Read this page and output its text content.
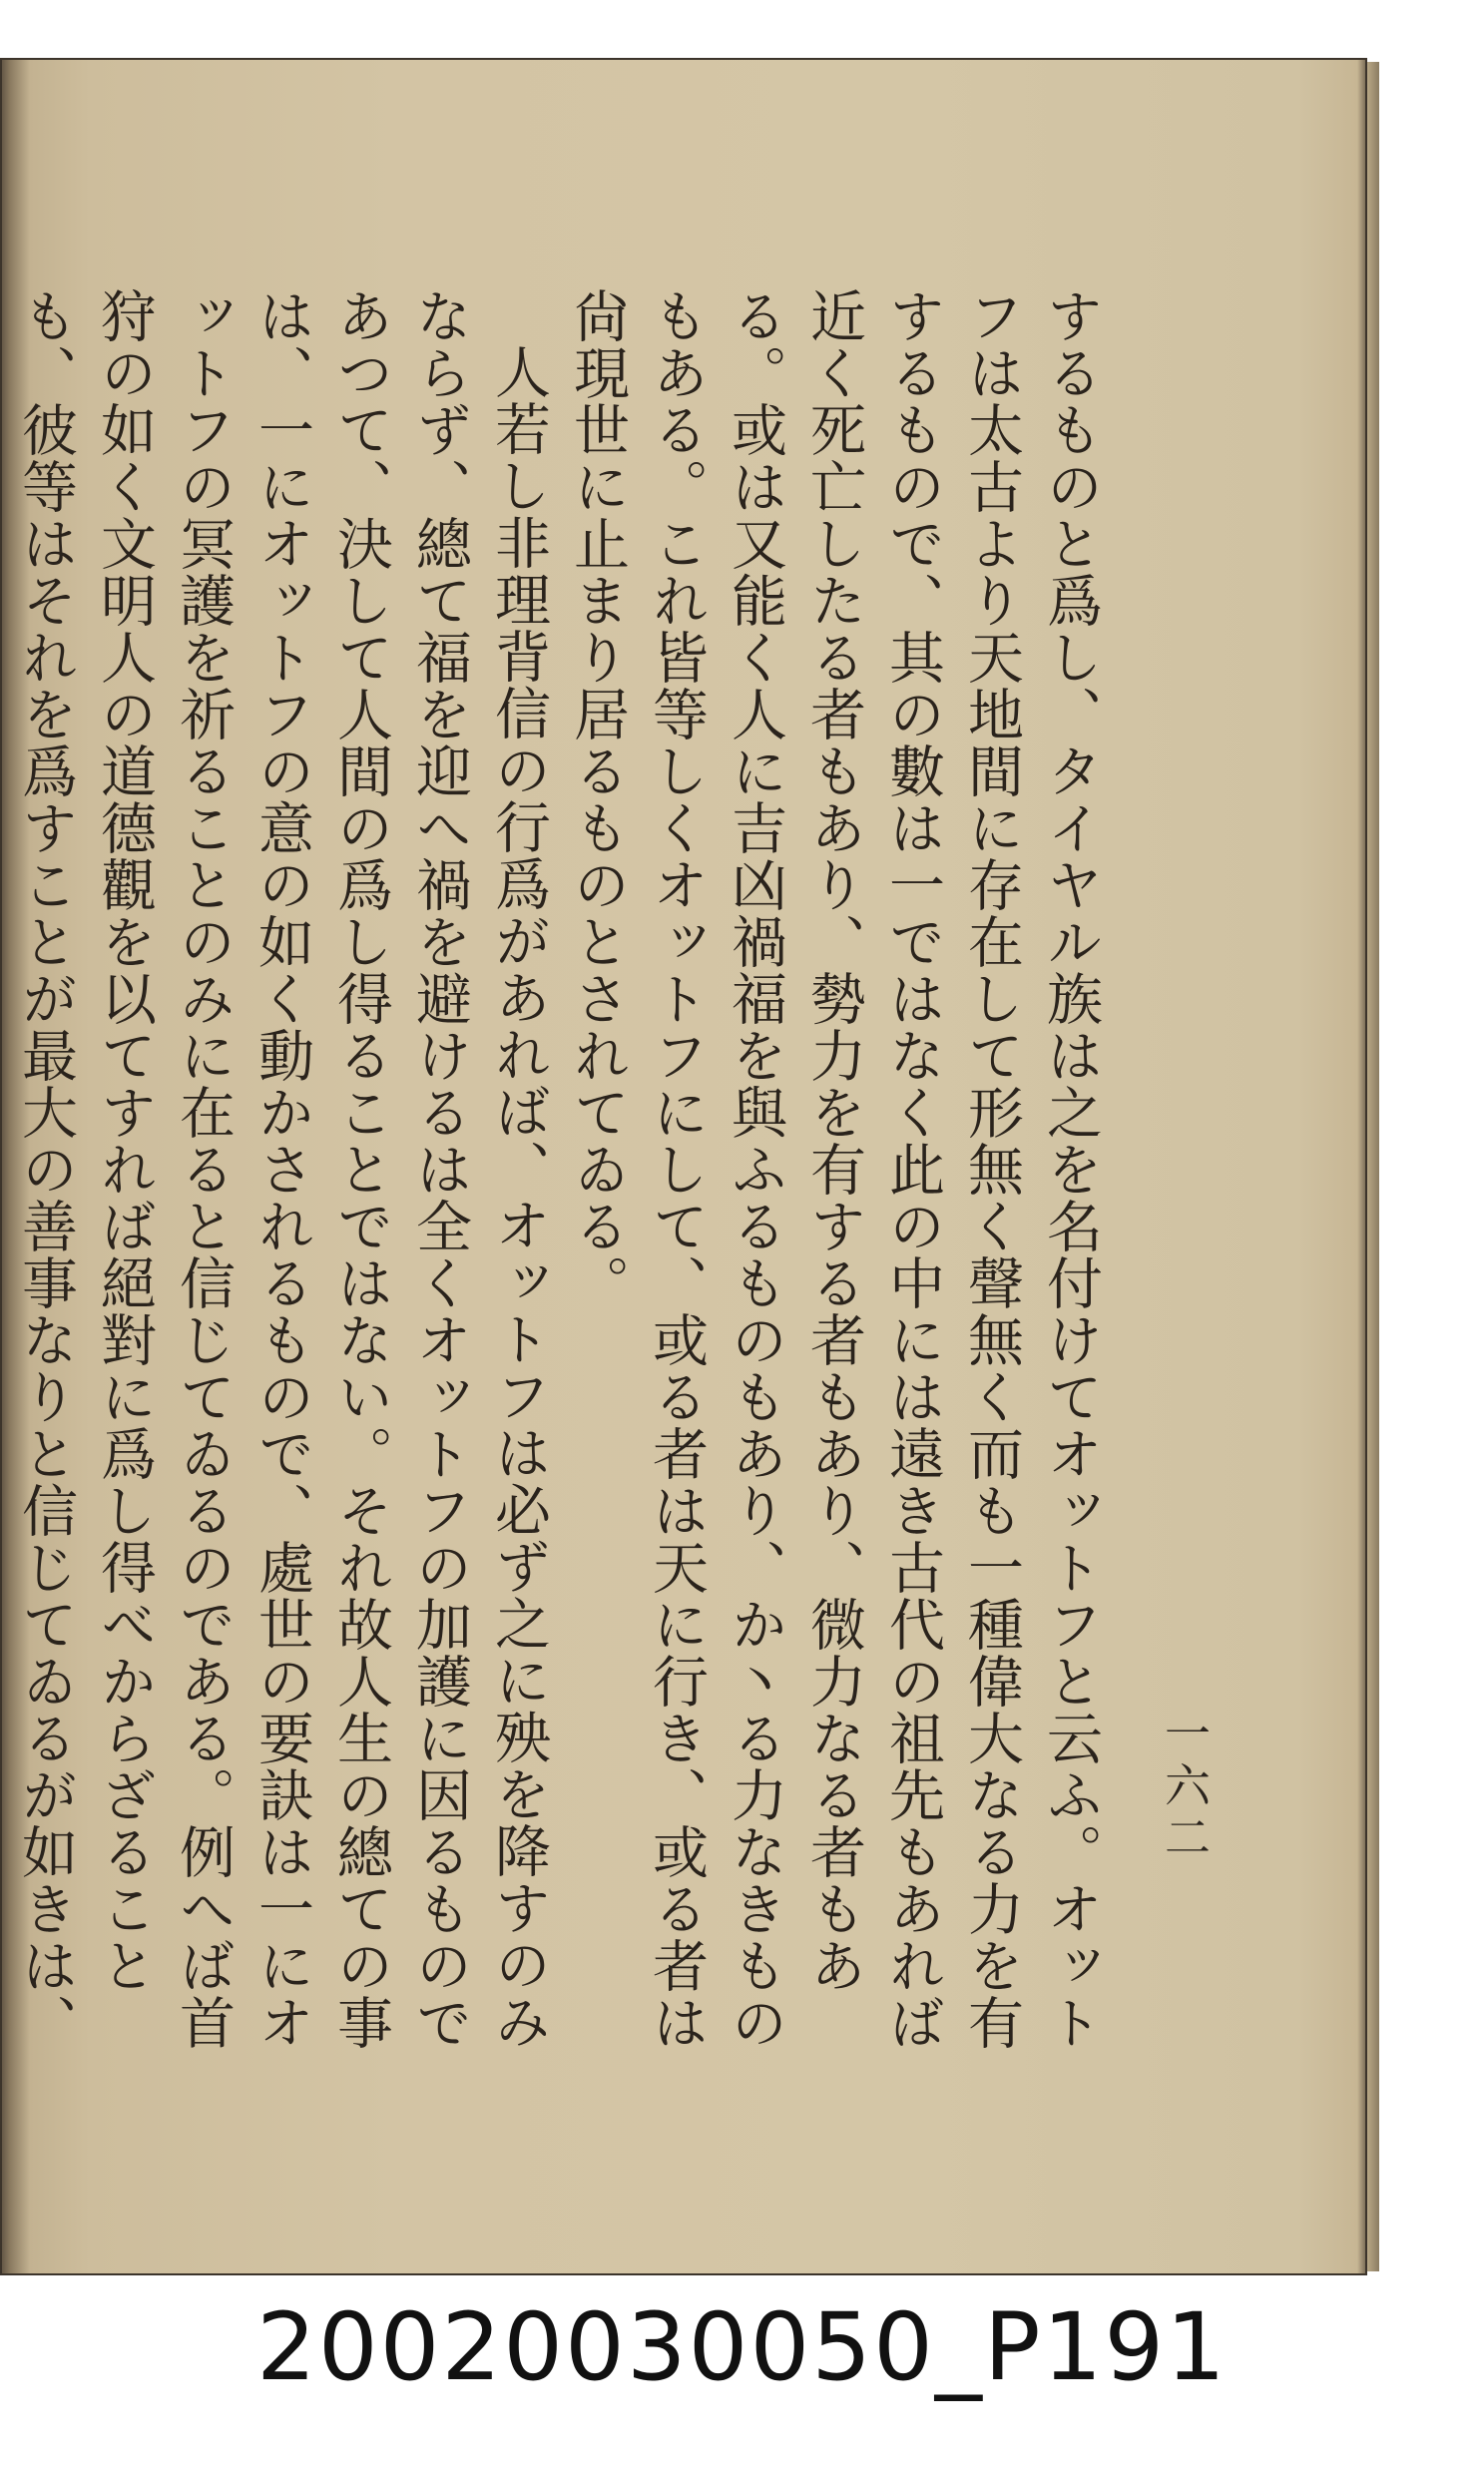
一六二

するものと爲し、タイヤル族は之を名付けてオットフと云ふ。オットフは太古より天地間に存在して形無く聲無く而も一種偉大なる力を有するもので、其の數は一ではなく此の中には遠き古代の祖先もあれば近く死亡したる者もあり、勢力を有する者もあり、微力なる者もある。或は又能く人に吉凶禍福を與ふるものもあり、か丶る力なきものもある。これ皆等しくオットフにして、或る者は天に行き、或る者は尙現世に止まり居るものとされてゐる。

人若し非理背信の行爲があれば、オットフは必ず之に殃を降すのみならず、總て福を迎へ禍を避けるは全くオットフの加護に因るものであつて、決して人間の爲し得ることではない。それ故人生の總ての事は、一にオットフの意の如く動かされるもので、處世の要訣は一にオットフの冥護を祈ることのみに在ると信じてゐるのである。例へば首狩の如く文明人の道德觀を以てすれば絕對に爲し得べからざることも、彼等はそれを爲すことが最大の善事なりと信じてゐるが如きは、

20020030050_P191
